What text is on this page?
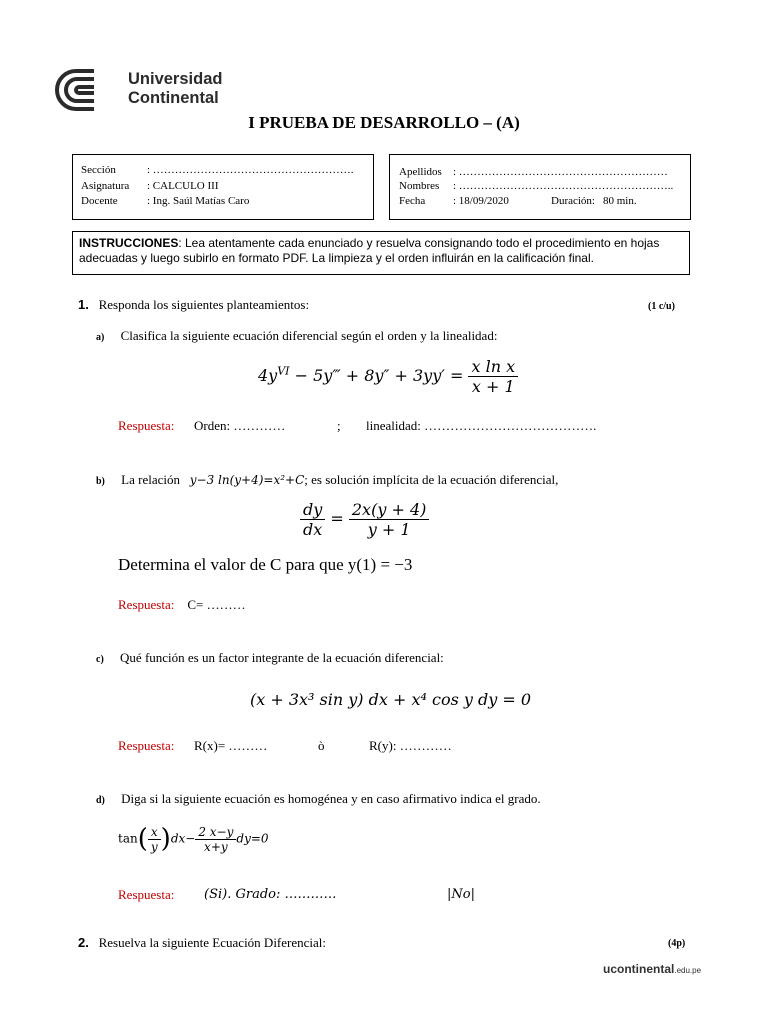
Universidad
Continental
I PRUEBA DE DESARROLLO – (A)
Sección	: ……………………………………………….
Asignatura : CALCULO III
Docente	: Ing. Saúl Matías Caro
Apellidos : …………………………………………………
Nombres : …………………………………………………..
Fecha	: 18/09/2020	Duración: 80 min.
INSTRUCCIONES: Lea atentamente cada enunciado y resuelva consignando todo el procedimiento en hojas adecuadas y luego subirlo en formato PDF. La limpieza y el orden influirán en la calificación final.
1. Responda los siguientes planteamientos:	(1 c/u)
a) Clasifica la siguiente ecuación diferencial según el orden y la linealidad:
$4y^{VI}$ − 5y‴ + $8y'' + 3yy' = \frac{\text{x ln x}}{x + 1}$
Respuesta: Orden: …………	; linealidad: ………………………………….
b) La relación y−3 ln(y+4)=x²+C; es solución implícita de la ecuación diferencial,
$\frac{dy}{dx} = \frac{2x(y + 4)}{y + 1}$
Determina el valor de C para que y(1) = −3
Respuesta: C= ………
c) Qué función es un factor integrante de la ecuación diferencial:
(x + 3x³ sin y) dx + x⁴ cos y dy = 0
Respuesta: R(x)= ………	ò	R(y): …………
d) Diga si la siguiente ecuación es homogénea y en caso afirmativo indica el grado.
$\tan( \frac{x}{y} )dx- \frac{2 x-y}{x+y} dy=0$
Respuesta: (Si). Grado: …………	|No|
2. Resuelva la siguiente Ecuación Diferencial:	(4p)
ucontinental.edu.pe
